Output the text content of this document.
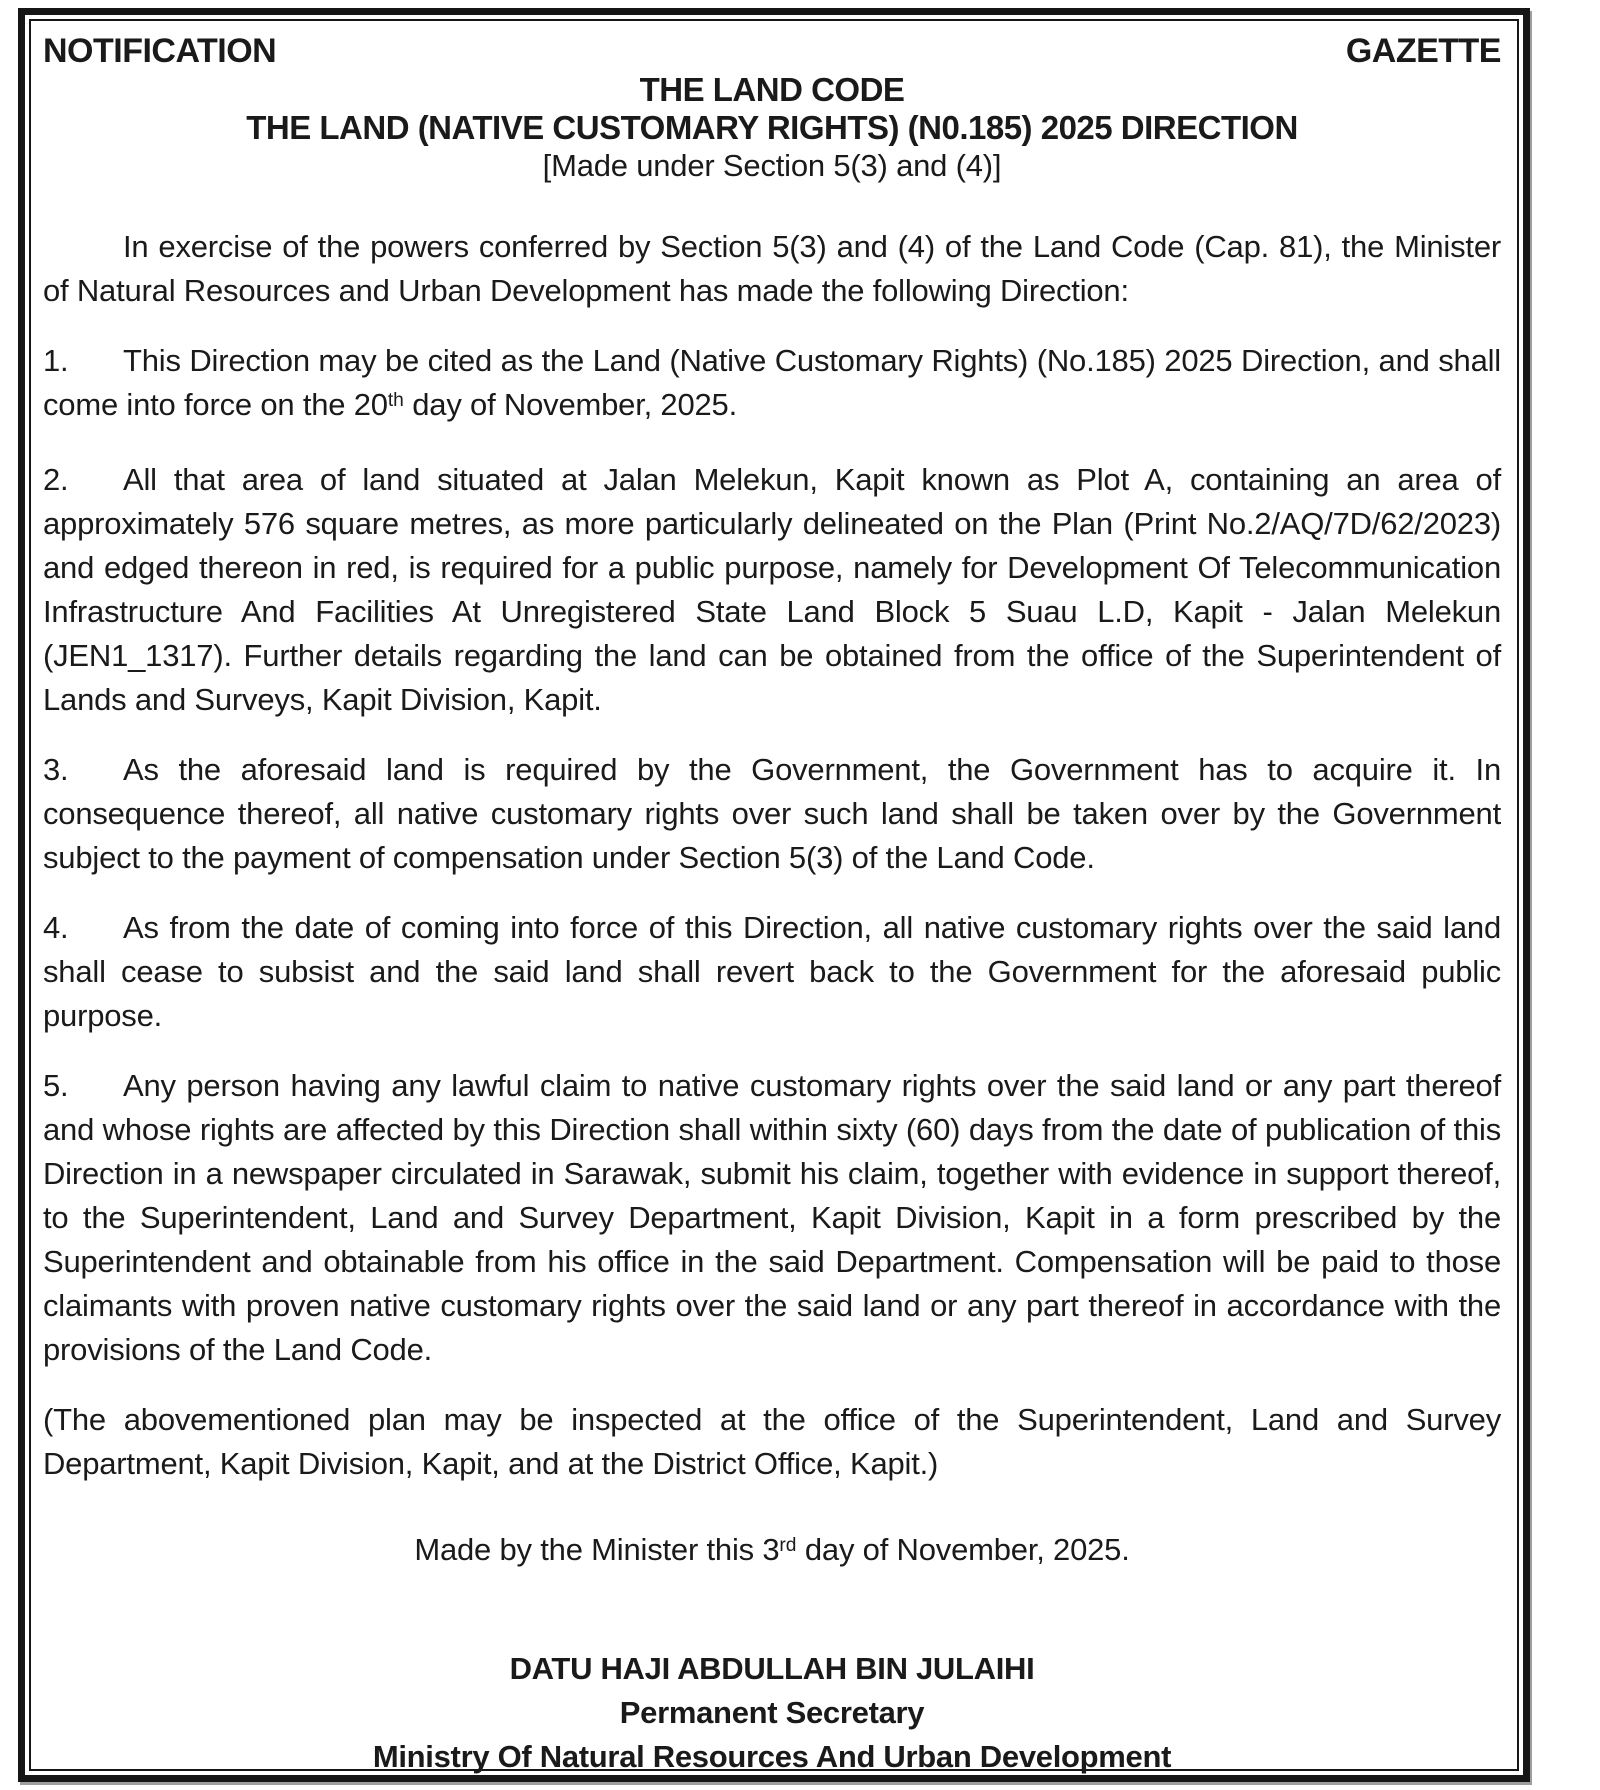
NOTIFICATION	GAZETTE
THE LAND CODE
THE LAND (NATIVE CUSTOMARY RIGHTS) (N0.185) 2025 DIRECTION
[Made under Section 5(3) and (4)]

In exercise of the powers conferred by Section 5(3) and (4) of the Land Code (Cap. 81), the Minister of Natural Resources and Urban Development has made the following Direction:

1. This Direction may be cited as the Land (Native Customary Rights) (No.185) 2025 Direction, and shall come into force on the 20th day of November, 2025.

2. All that area of land situated at Jalan Melekun, Kapit known as Plot A, containing an area of approximately 576 square metres, as more particularly delineated on the Plan (Print No.2/AQ/7D/62/2023) and edged thereon in red, is required for a public purpose, namely for Development Of Telecommunication Infrastructure And Facilities At Unregistered State Land Block 5 Suau L.D, Kapit - Jalan Melekun (JEN1_1317). Further details regarding the land can be obtained from the office of the Superintendent of Lands and Surveys, Kapit Division, Kapit.

3. As the aforesaid land is required by the Government, the Government has to acquire it. In consequence thereof, all native customary rights over such land shall be taken over by the Government subject to the payment of compensation under Section 5(3) of the Land Code.

4. As from the date of coming into force of this Direction, all native customary rights over the said land shall cease to subsist and the said land shall revert back to the Government for the aforesaid public purpose.

5. Any person having any lawful claim to native customary rights over the said land or any part thereof and whose rights are affected by this Direction shall within sixty (60) days from the date of publication of this Direction in a newspaper circulated in Sarawak, submit his claim, together with evidence in support thereof, to the Superintendent, Land and Survey Department, Kapit Division, Kapit in a form prescribed by the Superintendent and obtainable from his office in the said Department. Compensation will be paid to those claimants with proven native customary rights over the said land or any part thereof in accordance with the provisions of the Land Code.

(The abovementioned plan may be inspected at the office of the Superintendent, Land and Survey Department, Kapit Division, Kapit, and at the District Office, Kapit.)

Made by the Minister this 3rd day of November, 2025.

DATU HAJI ABDULLAH BIN JULAIHI
Permanent Secretary
Ministry Of Natural Resources And Urban Development
